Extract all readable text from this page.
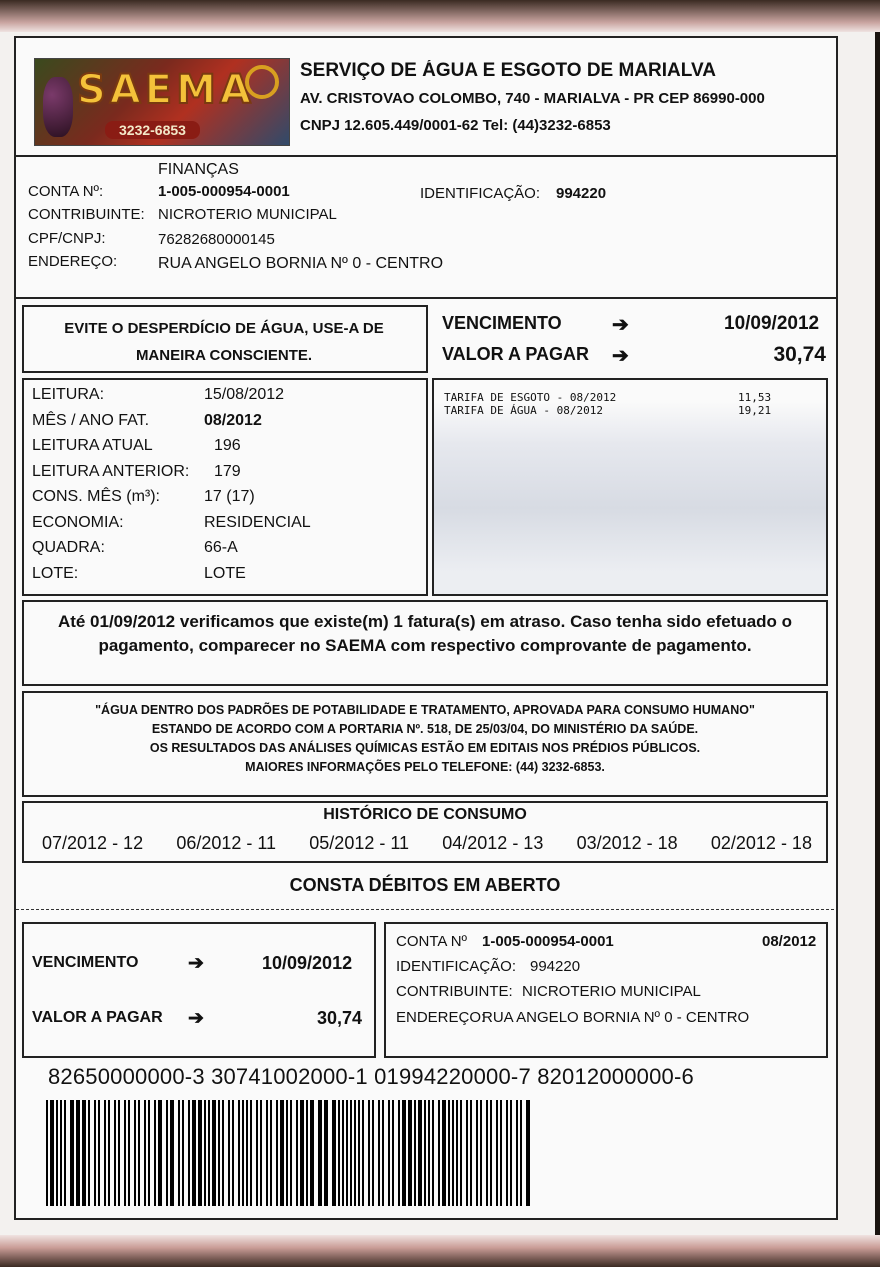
SAEMA
3232-6853
SERVIÇO DE ÁGUA E ESGOTO DE MARIALVA
AV. CRISTOVAO COLOMBO, 740 - MARIALVA - PR CEP 86990-000
CNPJ 12.605.449/0001-62 Tel: (44)3232-6853
FINANÇAS
CONTA Nº:	1-005-000954-0001	IDENTIFICAÇÃO: 994220
CONTRIBUINTE: NICROTERIO MUNICIPAL
CPF/CNPJ:	76282680000145
ENDEREÇO:	RUA ANGELO BORNIA Nº 0 - CENTRO
EVITE O DESPERDÍCIO DE ÁGUA, USE-A DE MANEIRA CONSCIENTE.
VENCIMENTO	➔	10/09/2012
VALOR A PAGAR ➔	30,74
LEITURA:	15/08/2012
MÊS / ANO FAT.	08/2012
LEITURA ATUAL	196
LEITURA ANTERIOR:	179
CONS. MÊS (m³):	17 (17)
ECONOMIA:	RESIDENCIAL
QUADRA:	66-A
LOTE:	LOTE
TARIFA DE ESGOTO - 08/2012	11,53
TARIFA DE ÁGUA - 08/2012	19,21
Até 01/09/2012 verificamos que existe(m) 1 fatura(s) em atraso. Caso tenha sido efetuado o pagamento, comparecer no SAEMA com respectivo comprovante de pagamento.
"ÁGUA DENTRO DOS PADRÕES DE POTABILIDADE E TRATAMENTO, APROVADA PARA CONSUMO HUMANO"
ESTANDO DE ACORDO COM A PORTARIA Nº. 518, DE 25/03/04, DO MINISTÉRIO DA SAÚDE.
OS RESULTADOS DAS ANÁLISES QUÍMICAS ESTÃO EM EDITAIS NOS PRÉDIOS PÚBLICOS.
MAIORES INFORMAÇÕES PELO TELEFONE: (44) 3232-6853.
HISTÓRICO DE CONSUMO
07/2012 - 12 06/2012 - 11 05/2012 - 11 04/2012 - 13 03/2012 - 18 02/2012 - 18
CONSTA DÉBITOS EM ABERTO
VENCIMENTO	➔	10/09/2012
VALOR A PAGAR ➔	30,74
CONTA Nº 1-005-000954-0001	08/2012
IDENTIFICAÇÃO: 994220
CONTRIBUINTE: NICROTERIO MUNICIPAL
ENDEREÇO:
RUA ANGELO BORNIA Nº 0 - CENTRO
82650000000-3 30741002000-1 01994220000-7 82012000000-6
